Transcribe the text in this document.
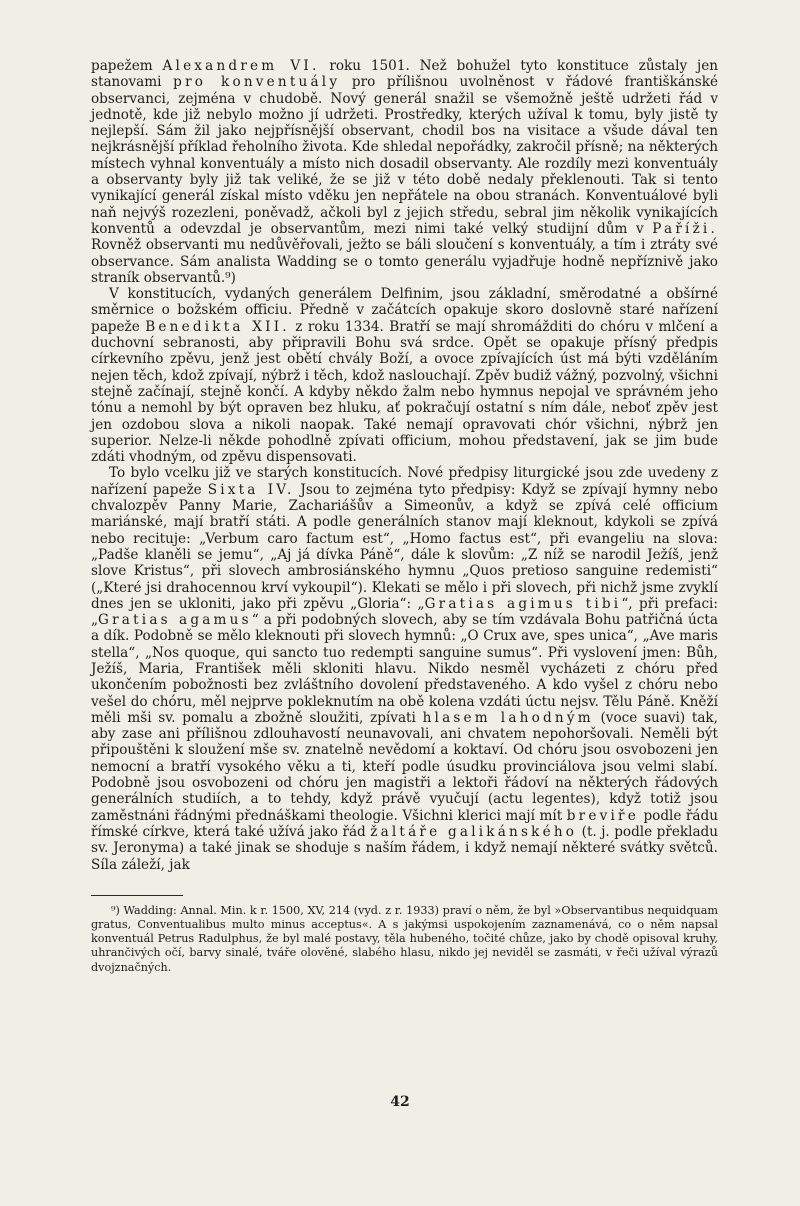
papežem Alexandrem VI. roku 1501. Než bohužel tyto konstituce zůstaly jen stanovami pro konventuály pro přílišnou uvolněnost v řádové františkánské observanci, zejména v chudobě. Nový generál snažil se všemožně ještě udržeti řád v jednotě, kde již nebylo možno jí udržeti. Prostředky, kterých užíval k tomu, byly jistě ty nejlepší. Sám žil jako nejpřísnější observant, chodil bos na visitace a všude dával ten nejkrásnější příklad řeholního života. Kde shledal nepořádky, zakročil přísně; na některých místech vyhnal konventuály a místo nich dosadil observanty. Ale rozdíly mezi konventuály a observanty byly již tak veliké, že se již v této době nedaly překlenouti. Tak si tento vynikající generál získal místo vděku jen nepřátele na obou stranách. Konventuálové byli naň nejvýš rozezleni, poněvadž, ačkoli byl z jejich středu, sebral jim několik vynikajících konventů a odevzdal je observantům, mezi nimi také velký studijní dům v Paříži. Rovněž observanti mu nedůvěřovali, ježto se báli sloučení s konventuály, a tím i ztráty své observance. Sám analista Wadding se o tomto generálu vyjadřuje hodně nepříznivě jako straník observantů.⁹)

V konstitucích, vydaných generálem Delfinim, jsou základní, směrodatné a obšírné směrnice o božském officiu. Předně v začátcích opakuje skoro doslovně staré nařízení papeže Benedikta XII. z roku 1334. Bratří se mají shromážditi do chóru v mlčení a duchovní sebranosti, aby připravili Bohu svá srdce. Opět se opakuje přísný předpis církevního zpěvu, jenž jest obětí chvály Boží, a ovoce zpívajících úst má býti vzděláním nejen těch, kdož zpívají, nýbrž i těch, kdož naslouchají. Zpěv budiž vážný, pozvolný, všichni stejně začínají, stejně končí. A kdyby někdo žalm nebo hymnus nepojal ve správném jeho tónu a nemohl by být opraven bez hluku, ať pokračují ostatní s ním dále, neboť zpěv jest jen ozdobou slova a nikoli naopak. Také nemají opravovati chór všichni, nýbrž jen superior. Nelze-li někde pohodlně zpívati officium, mohou představení, jak se jim bude zdáti vhodným, od zpěvu dispensovati.

To bylo vcelku již ve starých konstitucích. Nové předpisy liturgické jsou zde uvedeny z nařízení papeže Sixta IV. Jsou to zejména tyto předpisy: Když se zpívají hymny nebo chvalozpěv Panny Marie, Zachariášův a Simeonův, a když se zpívá celé officium mariánské, mají bratří státi. A podle generálních stanov mají kleknout, kdykoli se zpívá nebo recituje: „Verbum caro factum est“, „Homo factus est“, při evangeliu na slova: „Padše klaněli se jemu“, „Aj já dívka Páně“, dále k slovům: „Z níž se narodil Ježíš, jenž slove Kristus“, při slovech ambrosiánského hymnu „Quos pretioso sanguine redemisti“ („Které jsi drahocennou krví vykoupil“). Klekati se mělo i při slovech, při nichž jsme zvyklí dnes jen se ukloniti, jako při zpěvu „Gloria“: „Gratias agimus tibi“, při prefaci: „Gratias agamus“ a při podobných slovech, aby se tím vzdávala Bohu patřičná úcta a dík. Podobně se mělo kleknouti při slovech hymnů: „O Crux ave, spes unica“, „Ave maris stella“, „Nos quoque, qui sancto tuo redempti sanguine sumus“. Při vyslovení jmen: Bůh, Ježíš, Maria, František měli skloniti hlavu. Nikdo nesměl vycházeti z chóru před ukončením pobožnosti bez zvláštního dovolení představeného. A kdo vyšel z chóru nebo vešel do chóru, měl nejprve pokleknutím na obě kolena vzdáti úctu nejsv. Tělu Páně. Kněží měli mši sv. pomalu a zbožně sloužiti, zpívati hlasem lahodným (voce suavi) tak, aby zase ani přílišnou zdlouhavostí neunavovali, ani chvatem nepohoršovali. Neměli být připouštěni k sloužení mše sv. znatelně nevědomí a koktaví. Od chóru jsou osvobozeni jen nemocní a bratří vysokého věku a ti, kteří podle úsudku provinciálova jsou velmi slabí. Podobně jsou osvobozeni od chóru jen magistři a lektoři řádoví na některých řádových generálních studiích, a to tehdy, když právě vyučují (actu legentes), když totiž jsou zaměstnáni řádnými přednáškami theologie. Všichni klerici mají mít breviře podle řádu římské církve, která také užívá jako řád žaltáře galikánského (t. j. podle překladu sv. Jeronyma) a také jinak se shoduje s naším řádem, i když nemají některé svátky světců. Síla záleží, jak

⁹) Wadding: Annal. Min. k r. 1500, XV, 214 (vyd. z r. 1933) praví o něm, že byl »Observantibus nequidquam gratus, Conventualibus multo minus acceptus«. A s jakýmsi uspokojením zaznamenává, co o něm napsal konventuál Petrus Radulphus, že byl malé postavy, těla hubeného, točité chůze, jako by chodě opisoval kruhy, uhrančivých očí, barvy sinalé, tváře olověné, slabého hlasu, nikdo jej neviděl se zasmáti, v řeči užíval výrazů dvojznačných.

42
